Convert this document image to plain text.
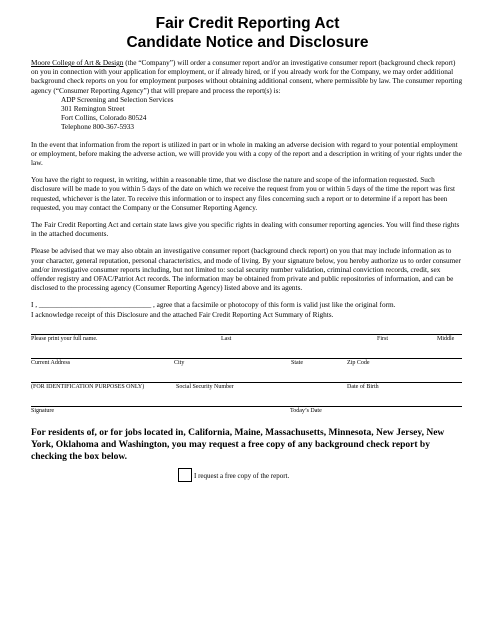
Fair Credit Reporting Act
Candidate Notice and Disclosure

Moore College of Art & Design (the “Company”) will order a consumer report and/or an investigative consumer report (background check report) on you in connection with your application for employment, or if already hired, or if you already work for the Company, we may order additional background check reports on you for employment purposes without obtaining additional consent, where permissible by law. The consumer reporting agency (“Consumer Reporting Agency”) that will prepare and process the report(s) is:

ADP Screening and Selection Services
301 Remington Street
Fort Collins, Colorado 80524
Telephone 800-367-5933

In the event that information from the report is utilized in part or in whole in making an adverse decision with regard to your potential employment or employment, before making the adverse action, we will provide you with a copy of the report and a description in writing of your rights under the law.

You have the right to request, in writing, within a reasonable time, that we disclose the nature and scope of the information requested. Such disclosure will be made to you within 5 days of the date on which we receive the request from you or within 5 days of the time the report was first requested, whichever is the later. To receive this information or to inspect any files concerning such a report or to determine if a report has been requested, you may contact the Company or the Consumer Reporting Agency.

The Fair Credit Reporting Act and certain state laws give you specific rights in dealing with consumer reporting agencies. You will find these rights in the attached documents.

Please be advised that we may also obtain an investigative consumer report (background check report) on you that may include information as to your character, general reputation, personal characteristics, and mode of living. By your signature below, you hereby authorize us to order consumer and/or investigative consumer reports including, but not limited to: social security number validation, criminal conviction records, credit, sex offender registry and OFAC/Patriot Act records. The information may be obtained from private and public repositories of information, and can be disclosed to the processing agency (Consumer Reporting Agency) listed above and its agents.

I , _______________________________ , agree that a facsimile or photocopy of this form is valid just like the original form.

I acknowledge receipt of this Disclosure and the attached Fair Credit Reporting Act Summary of Rights.

Please print your full name.	Last	First	Middle
Current Address	City	State	Zip Code
(FOR IDENTIFICATION PURPOSES ONLY)	Social Security Number	Date of Birth
Signature	Today’s Date

For residents of, or for jobs located in, California, Maine, Massachusetts, Minnesota, New Jersey, New York, Oklahoma and Washington, you may request a free copy of any background check report by checking the box below.

I request a free copy of the report.
